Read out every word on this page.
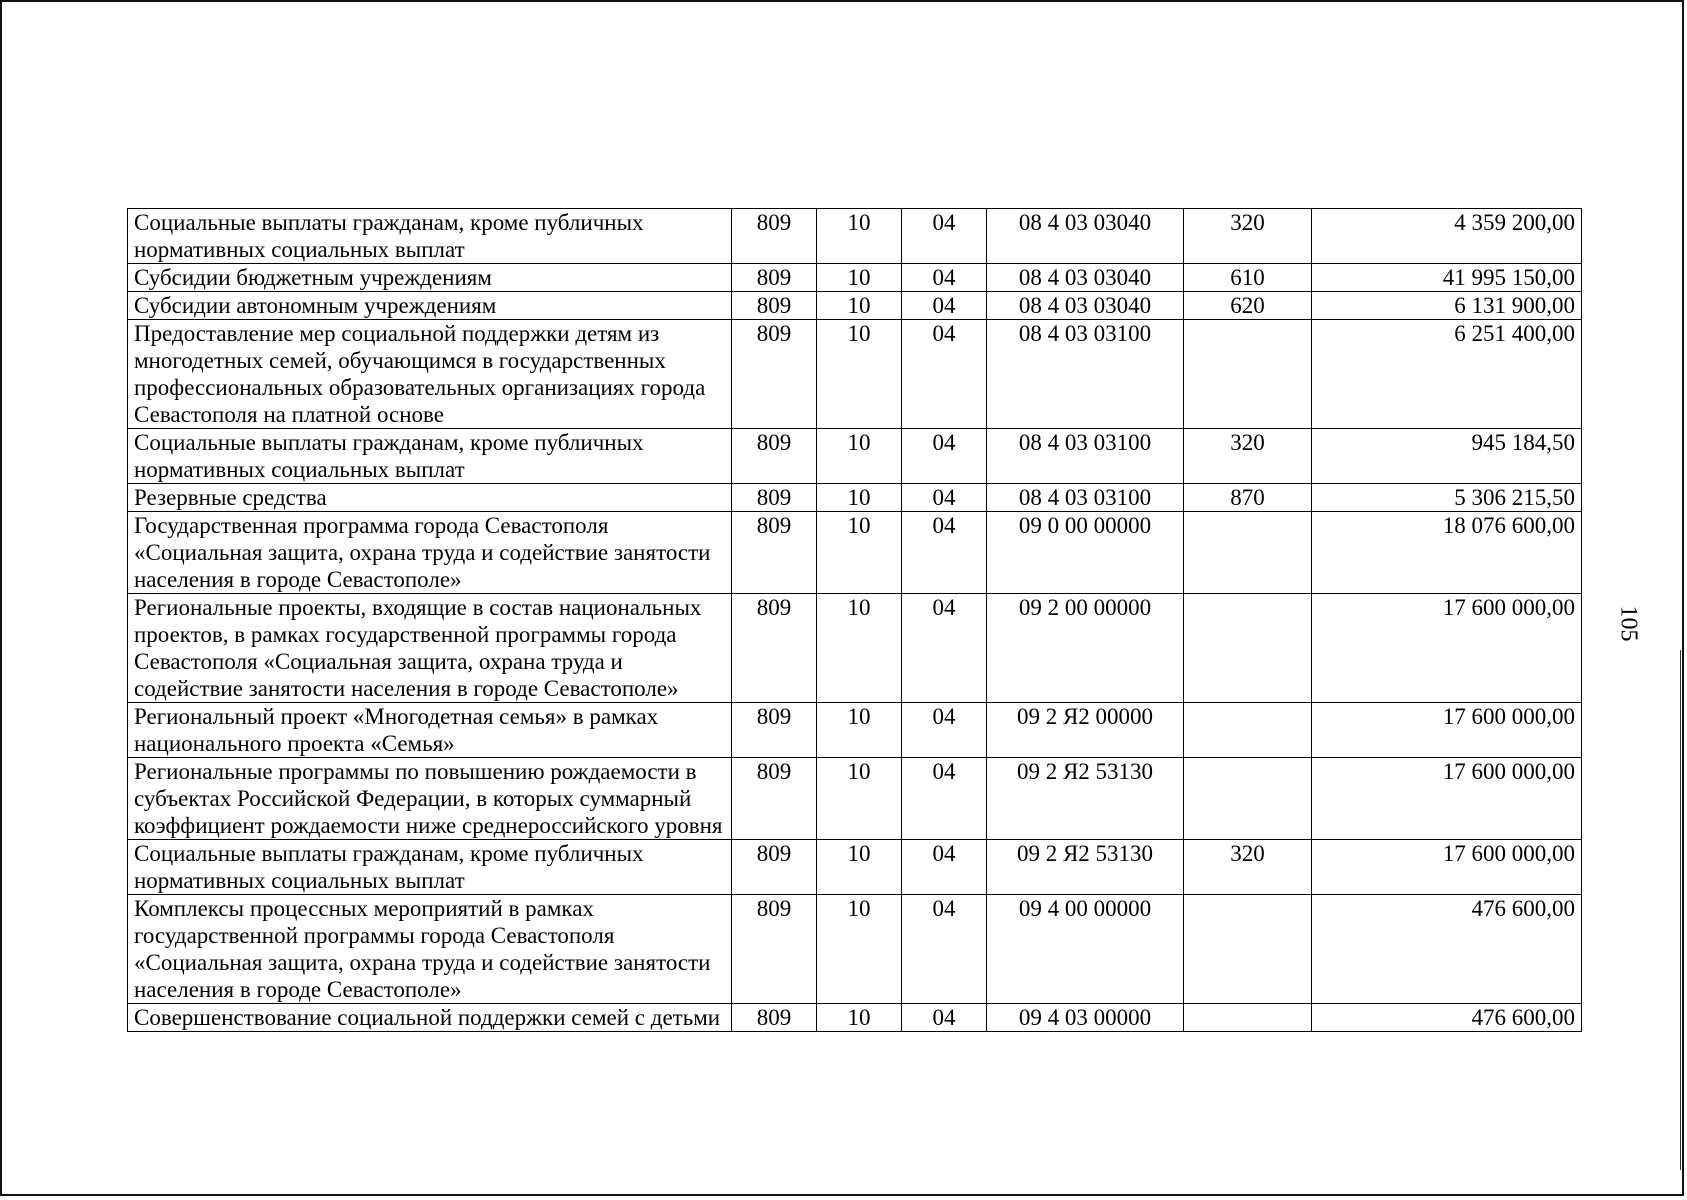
Социальные выплаты гражданам, кроме публичных нормативных социальных выплат	809	10	04	08 4 03 03040	320	4 359 200,00
Субсидии бюджетным учреждениям	809	10	04	08 4 03 03040	610	41 995 150,00
Субсидии автономным учреждениям	809	10	04	08 4 03 03040	620	6 131 900,00
Предоставление мер социальной поддержки детям из многодетных семей, обучающимся в государственных профессиональных образовательных организациях города Севастополя на платной основе	809	10	04	08 4 03 03100		6 251 400,00
Социальные выплаты гражданам, кроме публичных нормативных социальных выплат	809	10	04	08 4 03 03100	320	945 184,50
Резервные средства	809	10	04	08 4 03 03100	870	5 306 215,50
Государственная программа города Севастополя «Социальная защита, охрана труда и содействие занятости населения в городе Севастополе»	809	10	04	09 0 00 00000		18 076 600,00
Региональные проекты, входящие в состав национальных проектов, в рамках государственной программы города Севастополя «Социальная защита, охрана труда и содействие занятости населения в городе Севастополе»	809	10	04	09 2 00 00000		17 600 000,00
Региональный проект «Многодетная семья» в рамках национального проекта «Семья»	809	10	04	09 2 Я2 00000		17 600 000,00
Региональные программы по повышению рождаемости в субъектах Российской Федерации, в которых суммарный коэффициент рождаемости ниже среднероссийского уровня	809	10	04	09 2 Я2 53130		17 600 000,00
Социальные выплаты гражданам, кроме публичных нормативных социальных выплат	809	10	04	09 2 Я2 53130	320	17 600 000,00
Комплексы процессных мероприятий в рамках государственной программы города Севастополя «Социальная защита, охрана труда и содействие занятости населения в городе Севастополе»	809	10	04	09 4 00 00000		476 600,00
Совершенствование социальной поддержки семей с детьми	809	10	04	09 4 03 00000		476 600,00
105
